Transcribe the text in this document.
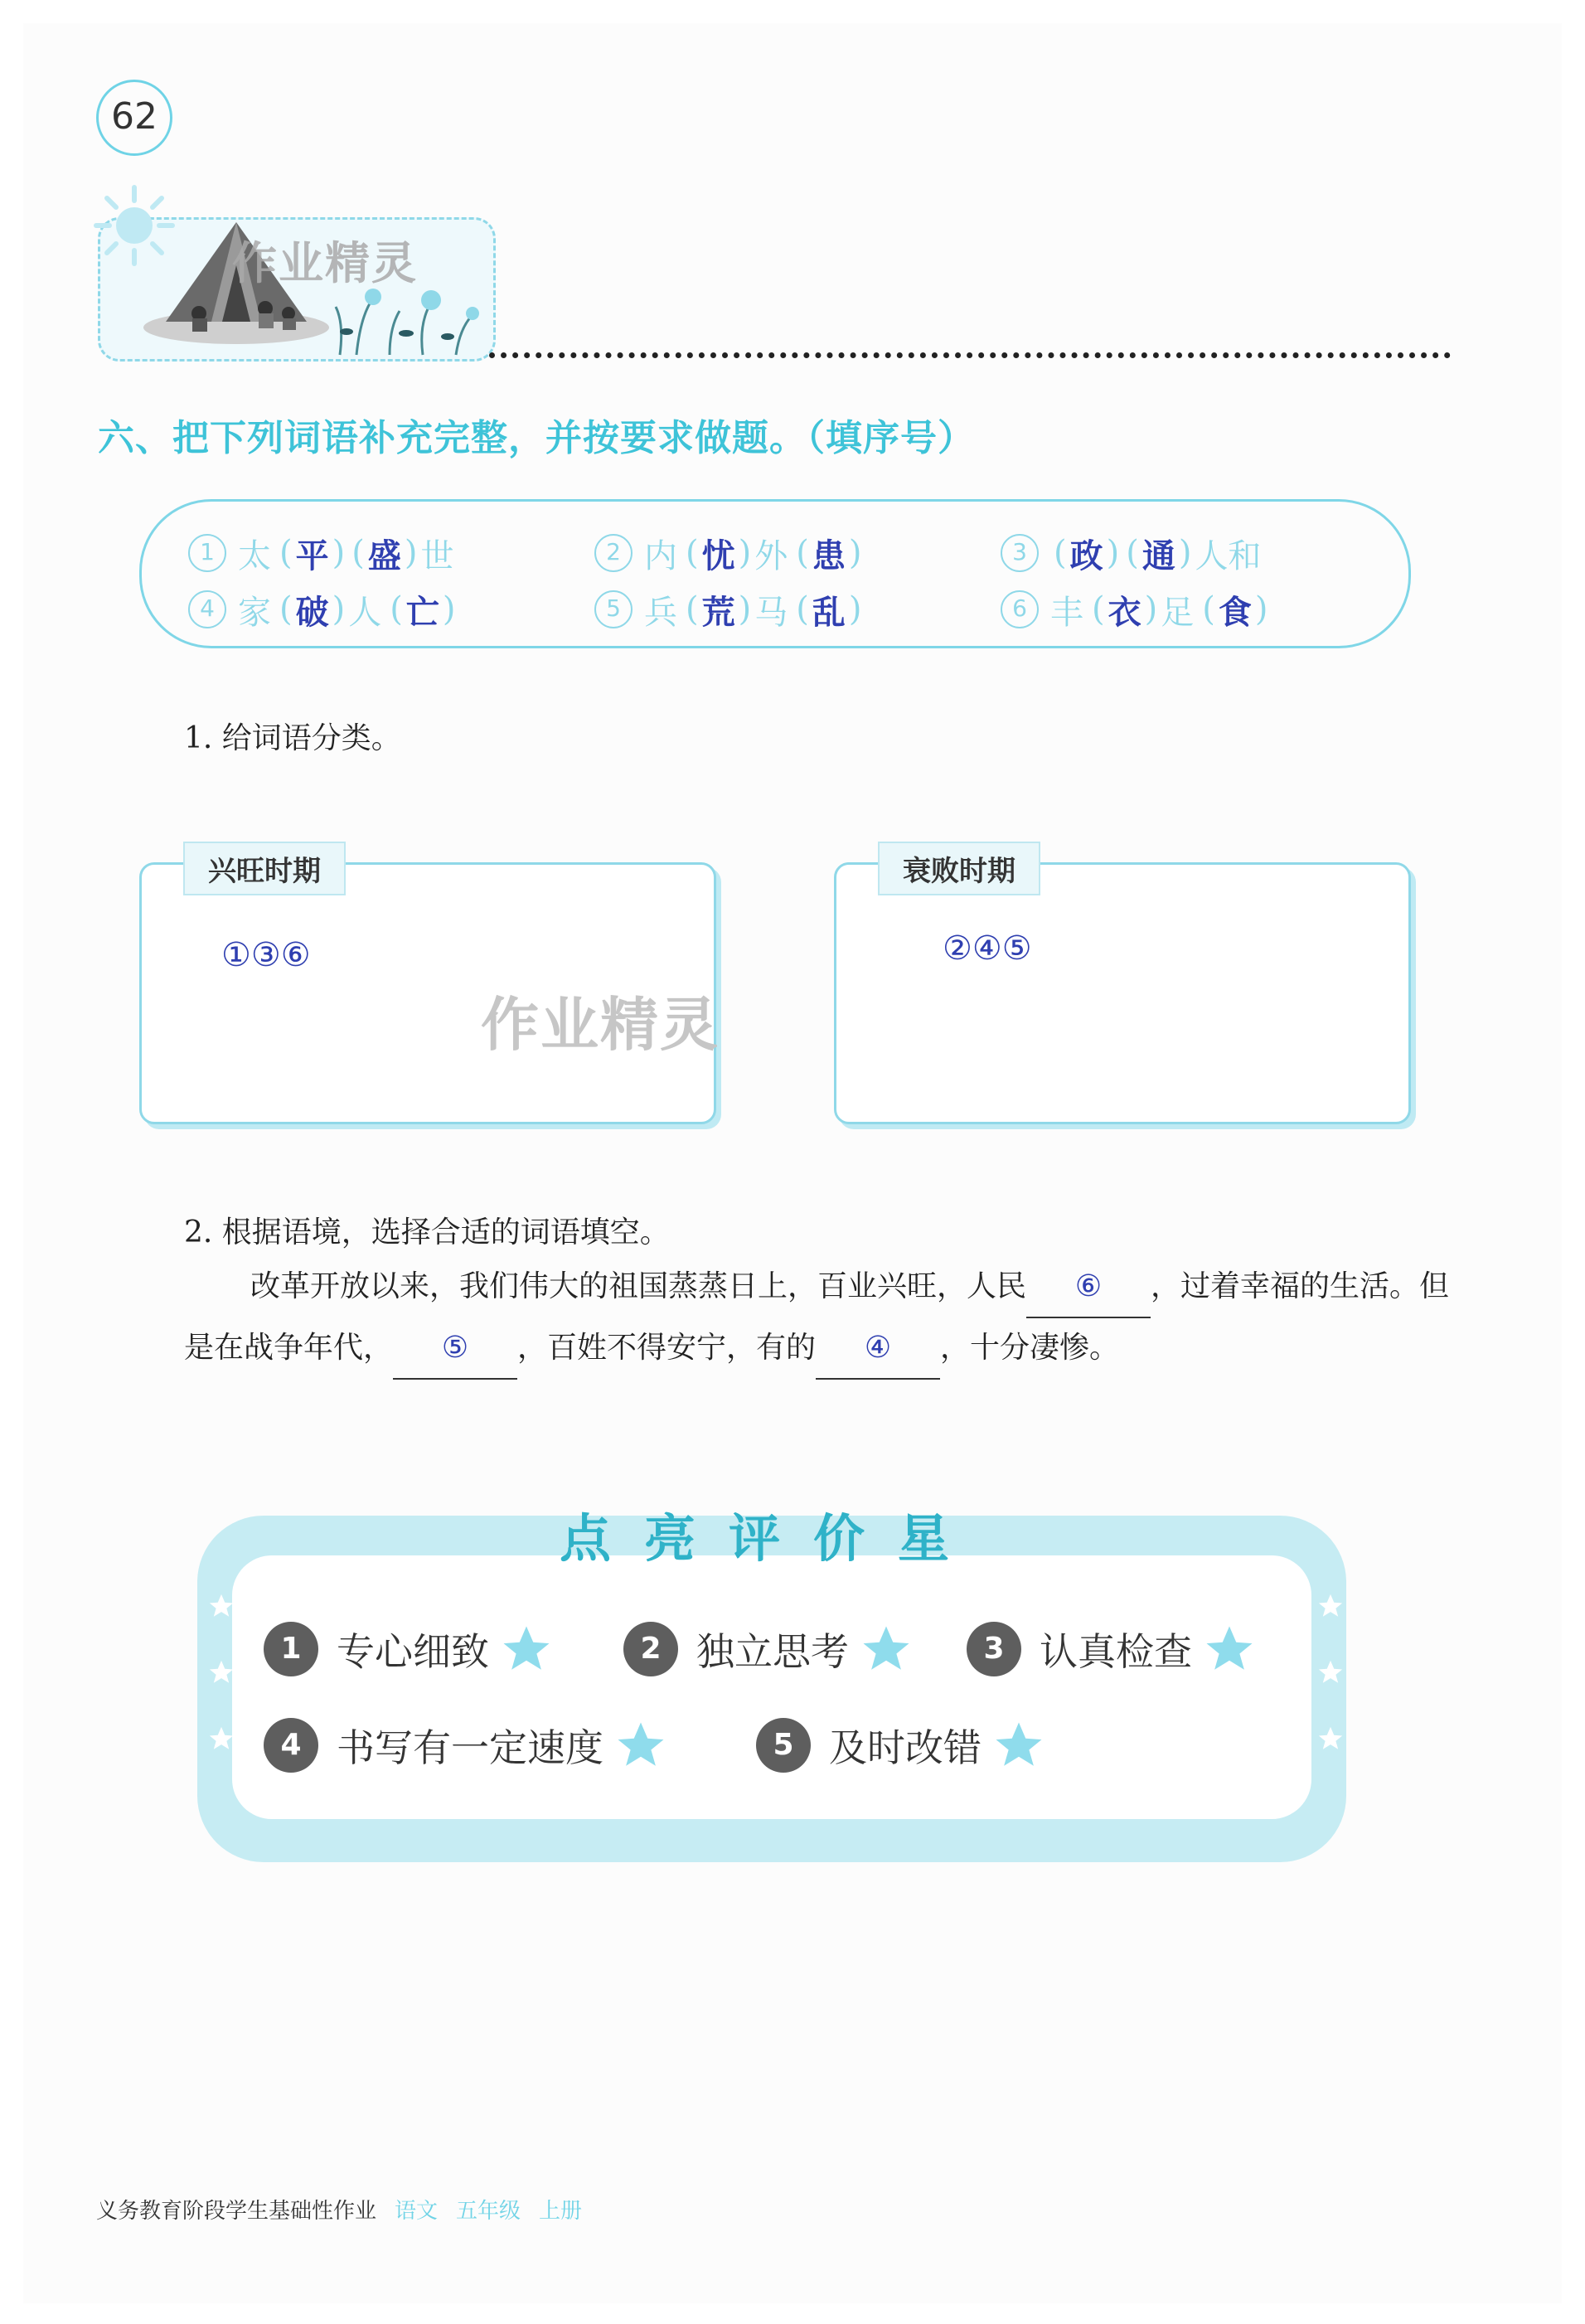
62
作业精灵
六、把下列词语补充完整，并按要求做题。（填序号）
1 太 ( 平 ) ( 盛 ) 世	2 内 ( 忧 ) 外 ( 患 )	3 ( 政 ) ( 通 ) 人和
4 家 ( 破 ) 人 ( 亡 )	5 兵 ( 荒 ) 马 ( 乱 )	6 丰 ( 衣 ) 足 ( 食 )
1. 给词语分类。
兴旺时期
①③⑥
衰败时期
②④⑤
作业精灵
2. 根据语境，选择合适的词语填空。
改革开放以来，我们伟大的祖国蒸蒸日上，百业兴旺，人民 ⑥ ，过着幸福的生活。但是在战争年代， ⑤ ，百姓不得安宁，有的 ④ ，十分凄惨。
点亮评价星
1 专心细致	2 独立思考	3 认真检查
4 书写有一定速度	5 及时改错
义务教育阶段学生基础性作业 语文 五年级 上册
